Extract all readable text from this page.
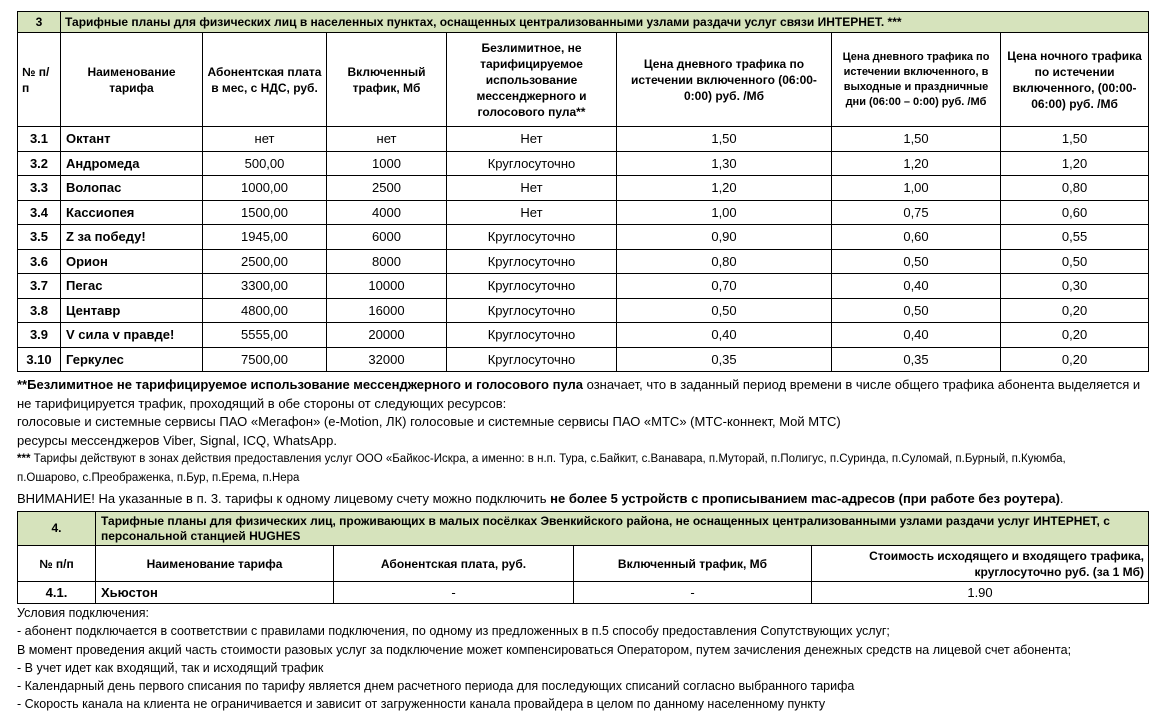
3	Тарифные планы для физических лиц в населенных пунктах, оснащенных централизованными узлами раздачи услуг связи ИНТЕРНЕТ. ***						
№ п/п	Наименование тарифа	Абонентская плата в мес, с НДС, руб.	Включенный трафик, Мб	Безлимитное, не тарифицируемое использование мессенджерного и голосового пула**	Цена дневного трафика по истечении включенного (06:00-0:00) руб. /Мб	Цена дневного трафика по истечении включенного, в выходные и праздничные дни (06:00 – 0:00) руб. /Мб	Цена ночного трафика по истечении включенного, (00:00-06:00) руб. /Мб
3.1	Октант	нет	нет	Нет	1,50	1,50	1,50
3.2	Андромеда	500,00	1000	Круглосуточно	1,30	1,20	1,20
3.3	Волопас	1000,00	2500	Нет	1,20	1,00	0,80
3.4	Кассиопея	1500,00	4000	Нет	1,00	0,75	0,60
3.5	Z за победу!	1945,00	6000	Круглосуточно	0,90	0,60	0,55
3.6	Орион	2500,00	8000	Круглосуточно	0,80	0,50	0,50
3.7	Пегас	3300,00	10000	Круглосуточно	0,70	0,40	0,30
3.8	Центавр	4800,00	16000	Круглосуточно	0,50	0,50	0,20
3.9	V сила v правде!	5555,00	20000	Круглосуточно	0,40	0,40	0,20
3.10	Геркулес	7500,00	32000	Круглосуточно	0,35	0,35	0,20
**Безлимитное не тарифицируемое использование мессенджерного и голосового пула означает, что в заданный период времени в числе общего трафика абонента выделяется и
не тарифицируется трафик, проходящий в обе стороны от следующих ресурсов:
голосовые и системные сервисы ПАО «Мегафон» (e-Motion, ЛК) голосовые и системные сервисы ПАО «МТС» (МТС-коннект, Мой МТС)
ресурсы мессенджеров Viber, Signal, ICQ, WhatsApp.
*** Тарифы действуют в зонах действия предоставления услуг ООО «Байкос-Искра, а именно: в н.п. Тура, с.Байкит, с.Ванавара, п.Муторай, п.Полигус, п.Суринда, п.Суломай, п.Бурный, п.Куюмба,
п.Ошарово, с.Преображенка, п.Бур, п.Ерема, п.Нера
ВНИМАНИЕ! На указанные в п. 3. тарифы к одному лицевому счету можно подключить не более 5 устройств с прописыванием mac-адресов (при работе без роутера).
4.	Тарифные планы для физических лиц, проживающих в малых посёлках Эвенкийского района, не оснащенных централизованными узлами раздачи услуг ИНТЕРНЕТ, с персональной станцией HUGHES			
№ п/п	Наименование тарифа	Абонентская плата, руб.	Включенный трафик, Мб	Стоимость исходящего и входящего трафика, круглосуточно руб. (за 1 Мб)
4.1.	Хьюстон	-	-	1.90
Условия подключения:
- абонент подключается в соответствии с правилами подключения, по одному из предложенных в п.5 способу предоставления Сопутствующих услуг;
В момент проведения акций часть стоимости разовых услуг за подключение может компенсироваться Оператором, путем зачисления денежных средств на лицевой счет абонента;
- В учет идет как входящий, так и исходящий трафик
- Календарный день первого списания по тарифу является днем расчетного периода для последующих списаний согласно выбранного тарифа
- Скорость канала на клиента не ограничивается и зависит от загруженности канала провайдера в целом по данному населенному пункту
